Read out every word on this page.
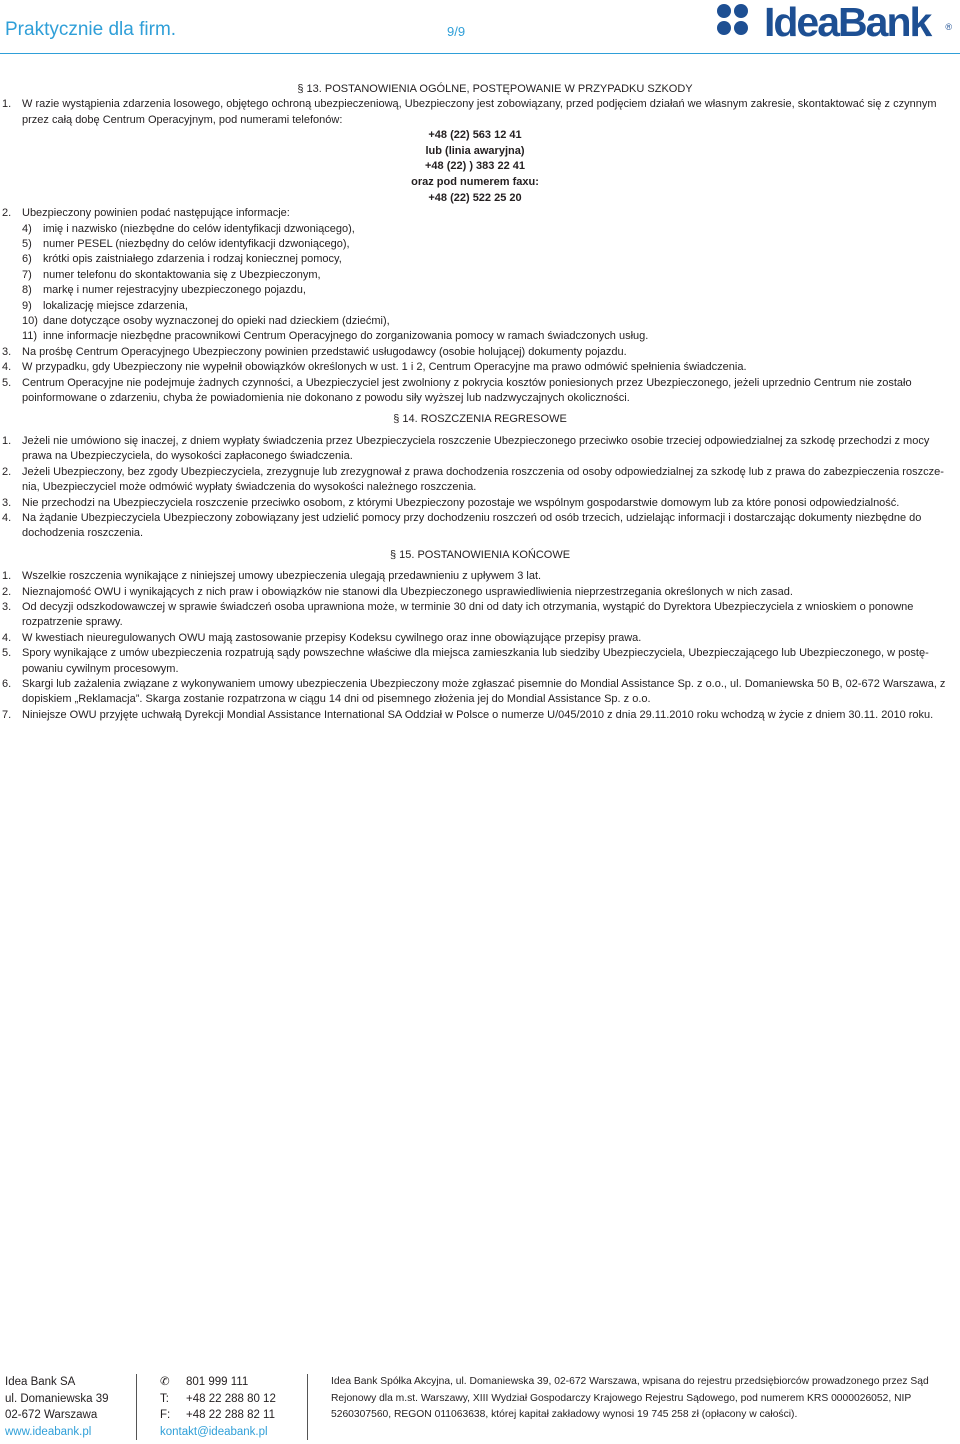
Praktycznie dla firm.	9/9	IdeaBank ®
§ 13. POSTANOWIENIA OGÓLNE, POSTĘPOWANIE W PRZYPADKU SZKODY
1. W razie wystąpienia zdarzenia losowego, objętego ochroną ubezpieczeniową, Ubezpieczony jest zobowiązany, przed podjęciem działań we własnym zakresie, skontaktować się z czynnym przez całą dobę Centrum Operacyjnym, pod numerami telefonów:
+48 (22) 563 12 41
lub (linia awaryjna)
+48 (22) ) 383 22 41
oraz pod numerem faxu:
+48 (22) 522 25 20
2. Ubezpieczony powinien podać następujące informacje:
4) imię i nazwisko (niezbędne do celów identyfikacji dzwoniącego),
5) numer PESEL (niezbędny do celów identyfikacji dzwoniącego),
6) krótki opis zaistniałego zdarzenia i rodzaj koniecznej pomocy,
7) numer telefonu do skontaktowania się z Ubezpieczonym,
8) markę i numer rejestracyjny ubezpieczonego pojazdu,
9) lokalizację miejsce zdarzenia,
10) dane dotyczące osoby wyznaczonej do opieki nad dzieckiem (dziećmi),
11) inne informacje niezbędne pracownikowi Centrum Operacyjnego do zorganizowania pomocy w ramach świadczonych usług.
3. Na prośbę Centrum Operacyjnego Ubezpieczony powinien przedstawić usługodawcy (osobie holującej) dokumenty pojazdu.
4. W przypadku, gdy Ubezpieczony nie wypełnił obowiązków określonych w ust. 1 i 2, Centrum Operacyjne ma prawo odmówić spełnienia świadczenia.
5. Centrum Operacyjne nie podejmuje żadnych czynności, a Ubezpieczyciel jest zwolniony z pokrycia kosztów poniesionych przez Ubezpieczonego, jeżeli uprzednio Centrum nie zostało poinformowane o zdarzeniu, chyba że powiadomienia nie dokonano z powodu siły wyższej lub nadzwyczajnych okoliczności.
§ 14. ROSZCZENIA REGRESOWE
1. Jeżeli nie umówiono się inaczej, z dniem wypłaty świadczenia przez Ubezpieczyciela roszczenie Ubezpieczonego przeciwko osobie trzeciej odpowiedzialnej za szkodę przechodzi z mocy prawa na Ubezpieczyciela, do wysokości zapłaconego świadczenia.
2. Jeżeli Ubezpieczony, bez zgody Ubezpieczyciela, zrezygnuje lub zrezygnował z prawa dochodzenia roszczenia od osoby odpowiedzialnej za szkodę lub z prawa do zabezpieczenia roszcze-nia, Ubezpieczyciel może odmówić wypłaty świadczenia do wysokości należnego roszczenia.
3. Nie przechodzi na Ubezpieczyciela roszczenie przeciwko osobom, z którymi Ubezpieczony pozostaje we wspólnym gospodarstwie domowym lub za które ponosi odpowiedzialność.
4. Na żądanie Ubezpieczyciela Ubezpieczony zobowiązany jest udzielić pomocy przy dochodzeniu roszczeń od osób trzecich, udzielając informacji i dostarczając dokumenty niezbędne do dochodzenia roszczenia.
§ 15. POSTANOWIENIA KOŃCOWE
1. Wszelkie roszczenia wynikające z niniejszej umowy ubezpieczenia ulegają przedawnieniu z upływem 3 lat.
2. Nieznajomość OWU i wynikających z nich praw i obowiązków nie stanowi dla Ubezpieczonego usprawiedliwienia nieprzestrzegania określonych w nich zasad.
3. Od decyzji odszkodowawczej w sprawie świadczeń osoba uprawniona może, w terminie 30 dni od daty ich otrzymania, wystąpić do Dyrektora Ubezpieczyciela z wnioskiem o ponowne rozpatrzenie sprawy.
4. W kwestiach nieuregulowanych OWU mają zastosowanie przepisy Kodeksu cywilnego oraz inne obowiązujące przepisy prawa.
5. Spory wynikające z umów ubezpieczenia rozpatrują sądy powszechne właściwe dla miejsca zamieszkania lub siedziby Ubezpieczyciela, Ubezpieczającego lub Ubezpieczonego, w postę-powaniu cywilnym procesowym.
6. Skargi lub zażalenia związane z wykonywaniem umowy ubezpieczenia Ubezpieczony może zgłaszać pisemnie do Mondial Assistance Sp. z o.o., ul. Domaniewska 50 B, 02-672 Warszawa, z dopiskiem „Reklamacja”. Skarga zostanie rozpatrzona w ciągu 14 dni od pisemnego złożenia jej do Mondial Assistance Sp. z o.o.
7. Niniejsze OWU przyjęte uchwałą Dyrekcji Mondial Assistance International SA Oddział w Polsce o numerze U/045/2010 z dnia 29.11.2010 roku wchodzą w życie z dniem 30.11. 2010 roku.
Idea Bank SA
ul. Domaniewska 39
02-672 Warszawa
www.ideabank.pl
✆ 801 999 111
T: +48 22 288 80 12
F: +48 22 288 82 11
kontakt@ideabank.pl
Idea Bank Spółka Akcyjna, ul. Domaniewska 39, 02-672 Warszawa, wpisana do rejestru przedsiębiorców prowadzonego przez Sąd Rejonowy dla m.st. Warszawy, XIII Wydział Gospodarczy Krajowego Rejestru Sądowego, pod numerem KRS 0000026052, NIP 5260307560, REGON 011063638, której kapitał zakładowy wynosi 19 745 258 zł (opłacony w całości).
